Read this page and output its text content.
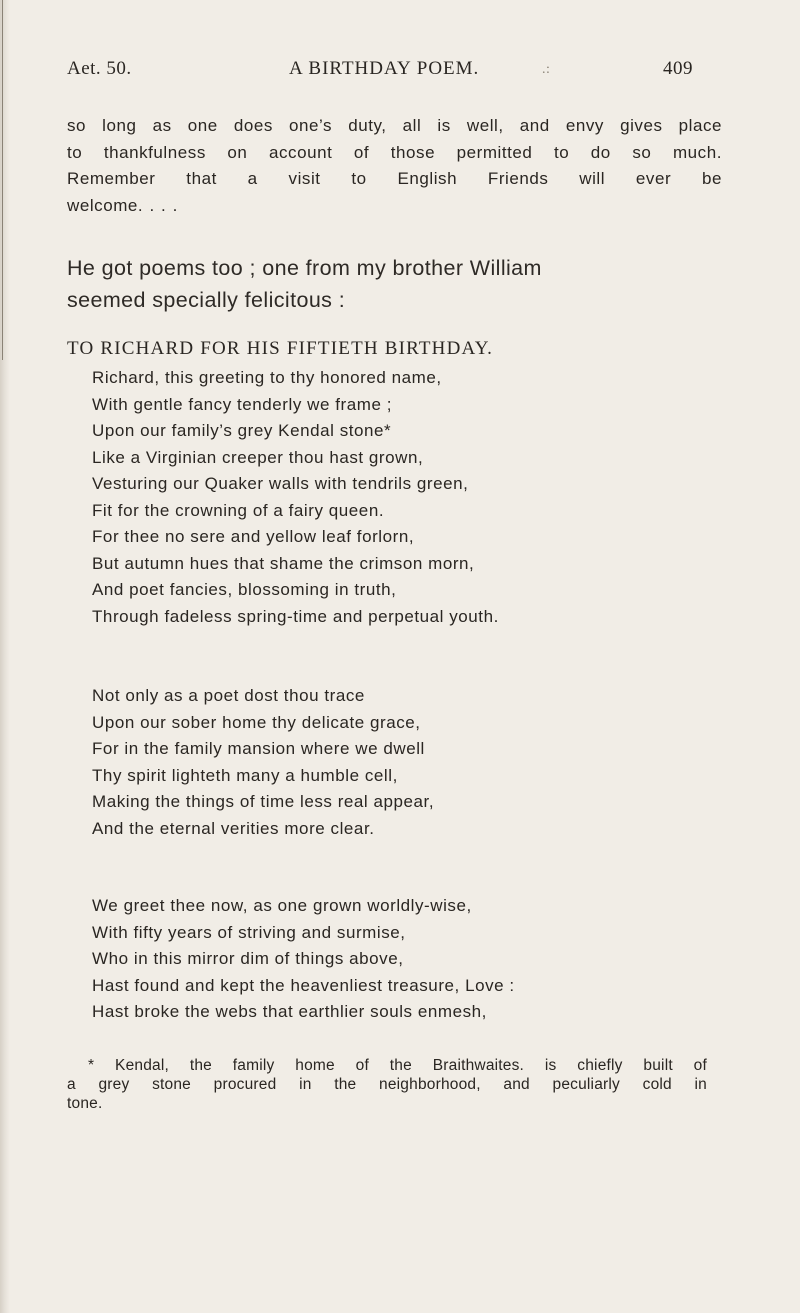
Aet. 50.	A BIRTHDAY POEM.	.:	409
so long as one does one’s duty, all is well, and envy gives place
to thankfulness on account of those permitted to do so much.
Remember that a visit to English Friends will ever be
welcome. . . .
He got poems too ; one from my brother William
seemed specially felicitous :
TO RICHARD FOR HIS FIFTIETH BIRTHDAY.
Richard, this greeting to thy honored name,
With gentle fancy tenderly we frame ;
Upon our family’s grey Kendal stone*
Like a Virginian creeper thou hast grown,
Vesturing our Quaker walls with tendrils green,
Fit for the crowning of a fairy queen.
For thee no sere and yellow leaf forlorn,
But autumn hues that shame the crimson morn,
And poet fancies, blossoming in truth,
Through fadeless spring-time and perpetual youth.
Not only as a poet dost thou trace
Upon our sober home thy delicate grace,
For in the family mansion where we dwell
Thy spirit lighteth many a humble cell,
Making the things of time less real appear,
And the eternal verities more clear.
We greet thee now, as one grown worldly-wise,
With fifty years of striving and surmise,
Who in this mirror dim of things above,
Hast found and kept the heavenliest treasure, Love :
Hast broke the webs that earthlier souls enmesh,
* Kendal, the family home of the Braithwaites. is chiefly built of
a grey stone procured in the neighborhood, and peculiarly cold in
tone.
